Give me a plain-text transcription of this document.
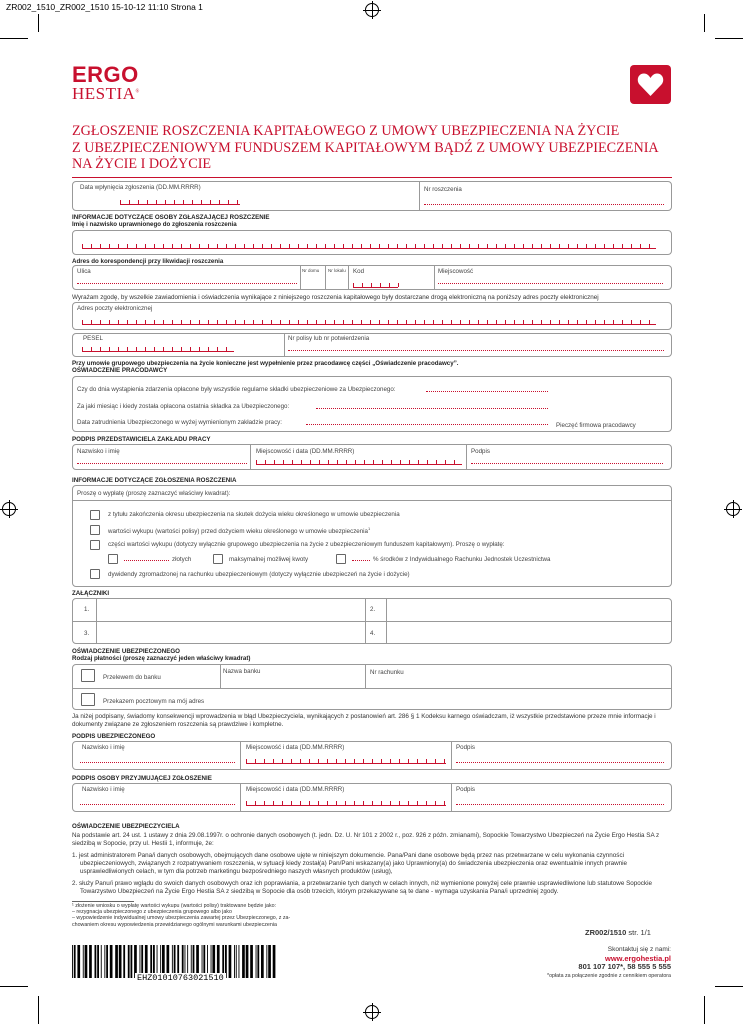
ZR002_1510_ZR002_1510 15-10-12 11:10 Strona 1
ERGO
HESTIA®
ZGŁOSZENIE ROSZCZENIA KAPITAŁOWEGO Z UMOWY UBEZPIECZENIA NA ŻYCIE
Z UBEZPIECZENIOWYM FUNDUSZEM KAPITAŁOWYM BĄDŹ Z UMOWY UBEZPIECZENIA
NA ŻYCIE I DOŻYCIE
Data wpłynięcia zgłoszenia (DD.MM.RRRR)	Nr roszczenia
INFORMACJE DOTYCZĄCE OSOBY ZGŁASZAJĄCEJ ROSZCZENIE
Imię i nazwisko uprawnionego do zgłoszenia roszczenia
Adres do korespondencji przy likwidacji roszczenia
Ulica	Nr domu Nr lokalu Kod	Miejscowość
Wyrażam zgodę, by wszelkie zawiadomienia i oświadczenia wynikające z niniejszego roszczenia kapitałowego były dostarczane drogą elektroniczną na poniższy adres poczty elektronicznej
Adres poczty elektronicznej
PESEL	Nr polisy lub nr potwierdzenia
Przy umowie grupowego ubezpieczenia na życie konieczne jest wypełnienie przez pracodawcę części „Oświadczenie pracodawcy”.
OŚWIADCZENIE PRACODAWCY
Czy do dnia wystąpienia zdarzenia opłacone były wszystkie regularne składki ubezpieczeniowe za Ubezpieczonego:
Za jaki miesiąc i kiedy została opłacona ostatnia składka za Ubezpieczonego:
Data zatrudnienia Ubezpieczonego w wyżej wymienionym zakładzie pracy:	Pieczęć firmowa pracodawcy
PODPIS PRZEDSTAWICIELA ZAKŁADU PRACY
Nazwisko i imię	Miejscowość i data (DD.MM.RRRR)	Podpis
INFORMACJE DOTYCZĄCE ZGŁOSZENIA ROSZCZENIA
Proszę o wypłatę (proszę zaznaczyć właściwy kwadrat):
z tytułu zakończenia okresu ubezpieczenia na skutek dożycia wieku określonego w umowie ubezpieczenia
wartości wykupu (wartości polisy) przed dożyciem wieku określonego w umowie ubezpieczenia$^1$
części wartości wykupu (dotyczy wyłącznie grupowego ubezpieczenia na życie z ubezpieczeniowym funduszem kapitałowym). Proszę o wypłatę:
złotych	maksymalnej możliwej kwoty	% środków z Indywidualnego Rachunku Jednostek Uczestnictwa
dywidendy zgromadzonej na rachunku ubezpieczeniowym (dotyczy wyłącznie ubezpieczeń na życie i dożycie)
ZAŁĄCZNIKI
1.	2.
3.	4.
OŚWIADCZENIE UBEZPIECZONEGO
Rodzaj płatności (proszę zaznaczyć jeden właściwy kwadrat)
Przelewem do banku
Nazwa banku	Nr rachunku
Przekazem pocztowym na mój adres
Ja niżej podpisany, świadomy konsekwencji wprowadzenia w błąd Ubezpieczyciela, wynikających z postanowień art. 286 § 1 Kodeksu karnego oświadczam, iż wszystkie przedstawione przeze mnie informacje i dokumenty związane ze zgłoszeniem roszczenia są prawdziwe i kompletne.
PODPIS UBEZPIECZONEGO
Nazwisko i imię	Miejscowość i data (DD.MM.RRRR)	Podpis
PODPIS OSOBY PRZYJMUJĄCEJ ZGŁOSZENIE
Nazwisko i imię	Miejscowość i data (DD.MM.RRRR)	Podpis
OŚWIADCZENIE UBEZPIECZYCIELA
Na podstawie art. 24 ust. 1 ustawy z dnia 29.08.1997r. o ochronie danych osobowych (t. jedn. Dz. U. Nr 101 z 2002 r., poz. 926 z późn. zmianami), Sopockie Towarzystwo Ubezpieczeń na Życie Ergo Hestia SA z siedzibą w Sopocie, przy ul. Hestii 1, informuje, że:
1. jest administratorem Pana/i danych osobowych, obejmujących dane osobowe ujęte w niniejszym dokumencie. Pana/Pani dane osobowe będą przez nas przetwarzane w celu wykonania czynności ubezpieczeniowych, związanych z rozpatrywaniem roszczenia, w sytuacji kiedy został(a) Pan/Pani wskazany(a) jako Uprawniony(a) do świadczenia ubezpieczenia oraz ewentualnie innych prawnie usprawiedliwionych celach, w tym dla potrzeb marketingu bezpośredniego naszych własnych produktów (usług),
2. służy Panu/i prawo wglądu do swoich danych osobowych oraz ich poprawiania, a przetwarzanie tych danych w celach innych, niż wymienione powyżej cele prawnie usprawiedliwione lub statutowe Sopockie Towarzystwo Ubezpieczeń na Życie Ergo Hestia SA z siedzibą w Sopocie dla osób trzecich, którym przekazywane są te dane - wymaga uzyskania Pana/i uprzedniej zgody.
¹ złożenie wniosku o wypłatę wartości wykupu (wartości polisy) traktowane będzie jako:
– rezygnacja ubezpieczonego z ubezpieczenia grupowego albo jako
– wypowiedzenie indywidualnej umowy ubezpieczenia zawartej przez Ubezpieczonego, z za-
chowaniem okresu wypowiedzenia przewidzianego ogólnymi warunkami ubezpieczenia
ZR002/1510 str. 1/1
EHZ01010763021510
Skontaktuj się z nami:
www.ergohestia.pl
801 107 107*, 58 555 5 555
*opłata za połączenie zgodnie z cennikiem operatora
